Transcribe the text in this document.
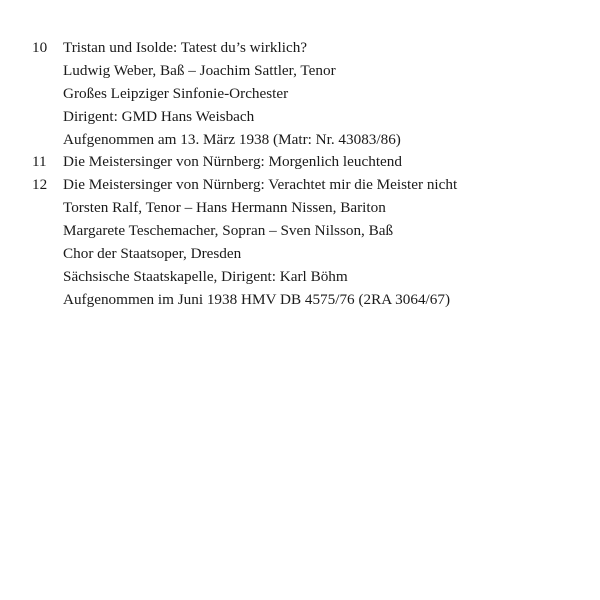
10	Tristan und Isolde: Tatest du’s wirklich?
Ludwig Weber, Baß – Joachim Sattler, Tenor
Großes Leipziger Sinfonie-Orchester
Dirigent: GMD Hans Weisbach
Aufgenommen am 13. März 1938 (Matr: Nr. 43083/86)
11	Die Meistersinger von Nürnberg: Morgenlich leuchtend
12	Die Meistersinger von Nürnberg: Verachtet mir die Meister nicht
Torsten Ralf, Tenor – Hans Hermann Nissen, Bariton
Margarete Teschemacher, Sopran – Sven Nilsson, Baß
Chor der Staatsoper, Dresden
Sächsische Staatskapelle, Dirigent: Karl Böhm
Aufgenommen im Juni 1938 HMV DB 4575/76 (2RA 3064/67)
